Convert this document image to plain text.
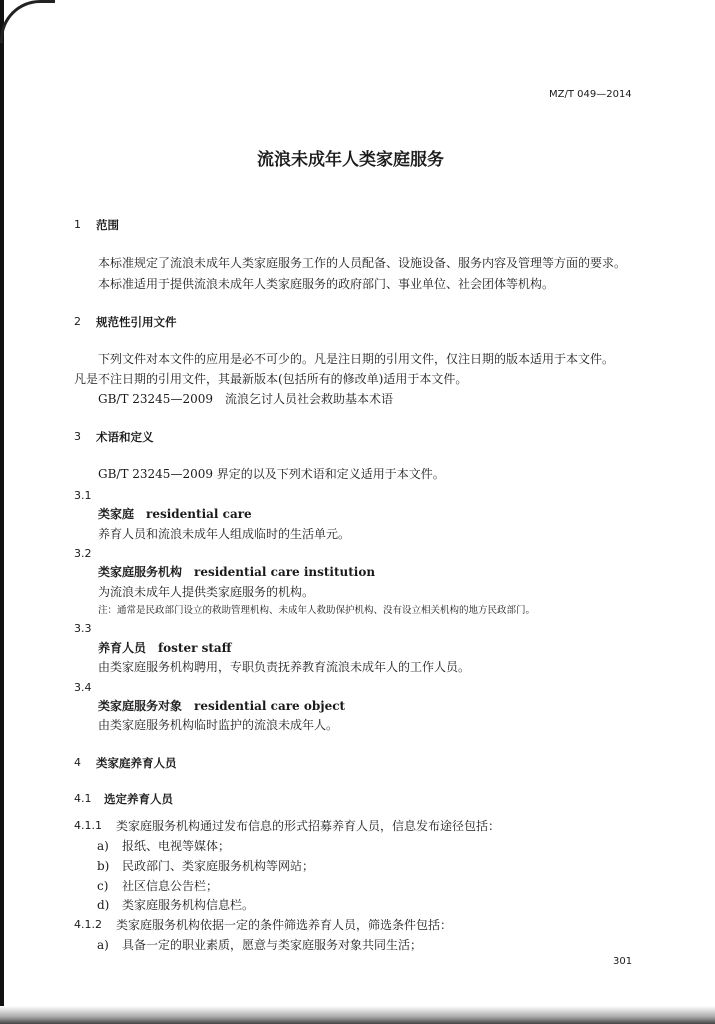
MZ/T 049—2014
流浪未成年人类家庭服务
1 范围
本标准规定了流浪未成年人类家庭服务工作的人员配备、设施设备、服务内容及管理等方面的要求。
本标准适用于提供流浪未成年人类家庭服务的政府部门、事业单位、社会团体等机构。
2 规范性引用文件
下列文件对本文件的应用是必不可少的。凡是注日期的引用文件，仅注日期的版本适用于本文件。
凡是不注日期的引用文件，其最新版本(包括所有的修改单)适用于本文件。
GB/T 23245—2009　流浪乞讨人员社会救助基本术语
3 术语和定义
GB/T 23245—2009 界定的以及下列术语和定义适用于本文件。
3.1
类家庭　residential care
养育人员和流浪未成年人组成临时的生活单元。
3.2
类家庭服务机构　residential care institution
为流浪未成年人提供类家庭服务的机构。
注：通常是民政部门设立的救助管理机构、未成年人救助保护机构、没有设立相关机构的地方民政部门。
3.3
养育人员　foster staff
由类家庭服务机构聘用，专职负责抚养教育流浪未成年人的工作人员。
3.4
类家庭服务对象　residential care object
由类家庭服务机构临时监护的流浪未成年人。
4 类家庭养育人员
4.1 选定养育人员
4.1.1 类家庭服务机构通过发布信息的形式招募养育人员，信息发布途径包括：
a) 报纸、电视等媒体；
b) 民政部门、类家庭服务机构等网站；
c) 社区信息公告栏；
d) 类家庭服务机构信息栏。
4.1.2 类家庭服务机构依据一定的条件筛选养育人员，筛选条件包括：
a) 具备一定的职业素质，愿意与类家庭服务对象共同生活；
301
